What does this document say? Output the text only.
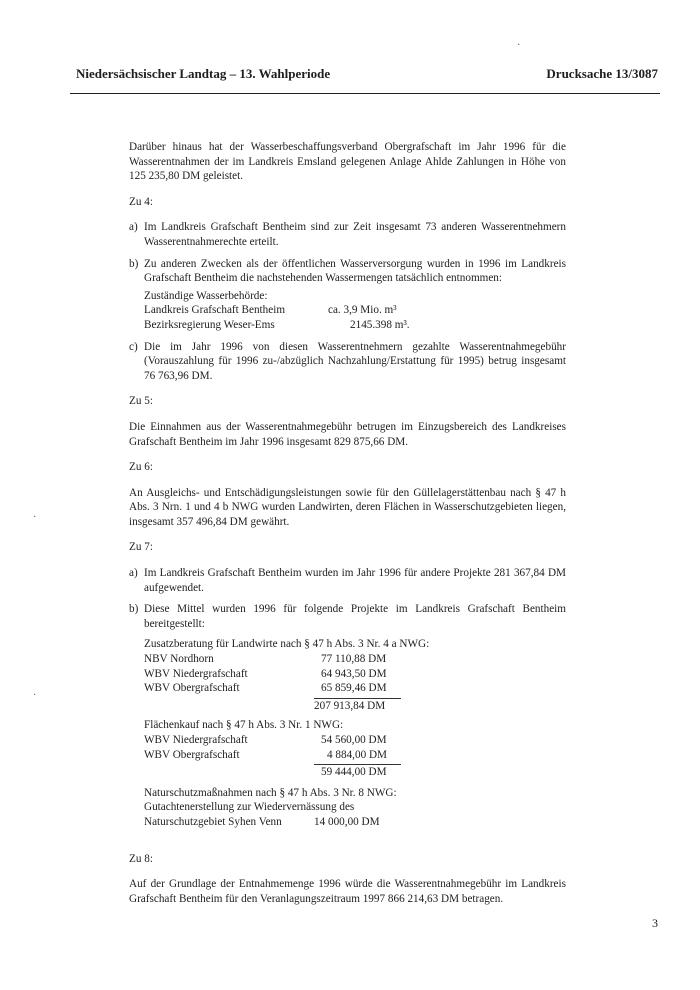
Niedersächsischer Landtag – 13. Wahlperiode	Drucksache 13/3087
·
·
·

Darüber hinaus hat der Wasserbeschaffungsverband Obergrafschaft im Jahr 1996 für die Wasserentnahmen der im Landkreis Emsland gelegenen Anlage Ahlde Zahlungen in Höhe von 125 235,80 DM geleistet.

Zu 4:

a) Im Landkreis Grafschaft Bentheim sind zur Zeit insgesamt 73 anderen Wasserentnehmern Wasserentnahmerechte erteilt.

b) Zu anderen Zwecken als der öffentlichen Wasserversorgung wurden in 1996 im Landkreis Grafschaft Bentheim die nachstehenden Wassermengen tatsächlich entnommen:

Zuständige Wasserbehörde:
Landkreis Grafschaft Bentheim	ca. 3,9 Mio. m³
Bezirksregierung Weser-Ems	2145.398 m³.
c) Die im Jahr 1996 von diesen Wasserentnehmern gezahlte Wasserentnahmegebühr (Vorauszahlung für 1996 zu-/abzüglich Nachzahlung/Erstattung für 1995) betrug insgesamt 76 763,96 DM.

Zu 5:

Die Einnahmen aus der Wasserentnahmegebühr betrugen im Einzugsbereich des Landkreises Grafschaft Bentheim im Jahr 1996 insgesamt 829 875,66 DM.

Zu 6:

An Ausgleichs- und Entschädigungsleistungen sowie für den Güllelagerstättenbau nach § 47 h Abs. 3 Nrn. 1 und 4 b NWG wurden Landwirten, deren Flächen in Wasserschutzgebieten liegen, insgesamt 357 496,84 DM gewährt.

Zu 7:

a) Im Landkreis Grafschaft Bentheim wurden im Jahr 1996 für andere Projekte 281 367,84 DM aufgewendet.

b) Diese Mittel wurden 1996 für folgende Projekte im Landkreis Grafschaft Bentheim bereitgestellt:

Zusatzberatung für Landwirte nach § 47 h Abs. 3 Nr. 4 a NWG:
NBV Nordhorn	77 110,88 DM
WBV Niedergrafschaft	64 943,50 DM
WBV Obergrafschaft	65 859,46 DM
207 913,84 DM
Flächenkauf nach § 47 h Abs. 3 Nr. 1 NWG:
WBV Niedergrafschaft	54 560,00 DM
WBV Obergrafschaft	4 884,00 DM
59 444,00 DM
Naturschutzmaßnahmen nach § 47 h Abs. 3 Nr. 8 NWG:
Gutachtenerstellung zur Wiedervernässung des
Naturschutzgebiet Syhen Venn	14 000,00 DM

Zu 8:

Auf der Grundlage der Entnahmemenge 1996 würde die Wasserentnahmegebühr im Landkreis Grafschaft Bentheim für den Veranlagungszeitraum 1997 866 214,63 DM betragen.

3
